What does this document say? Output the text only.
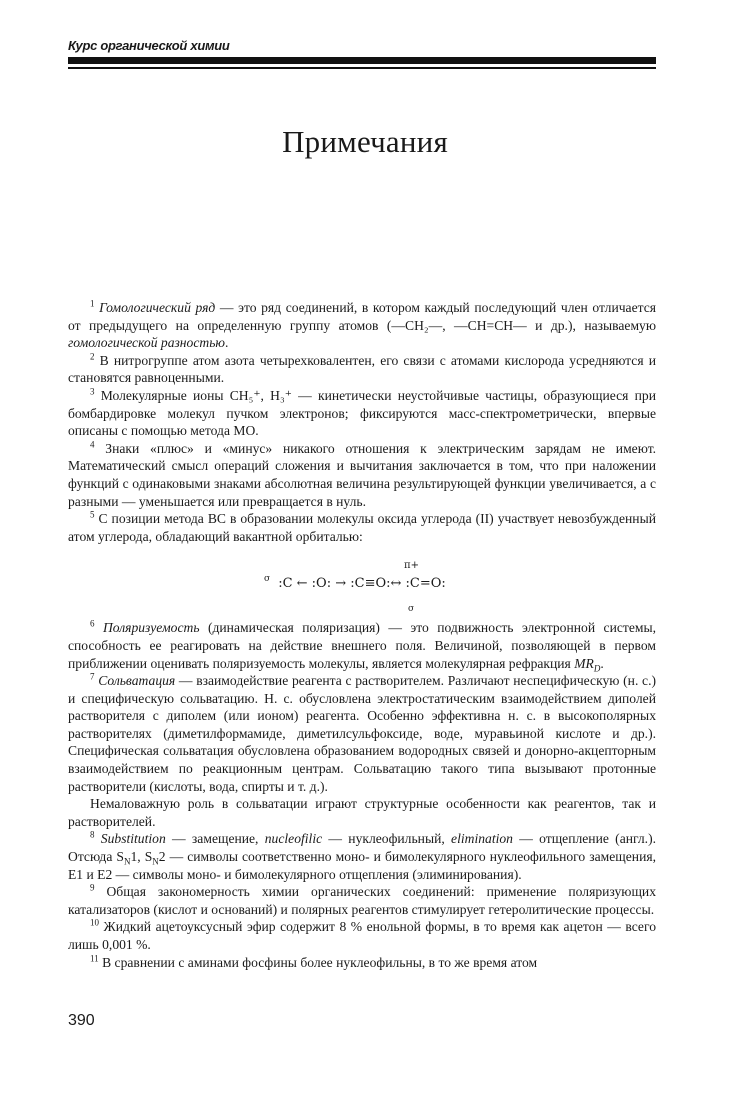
Курс органической химии
Примечания

$^1$ Гомологический ряд — это ряд соединений, в котором каждый последующий член отличается от предыдущего на определенную группу атомов (—CH₂—, —CH=CH— и др.), называемую гомологической разностью.

$^2$ В нитрогруппе атом азота четырехковалентен, его связи с атомами кислорода усредняются и становятся равноценными.

$^3$ Молекулярные ионы CH₅⁺, H₃⁺ — кинетически неустойчивые частицы, образующиеся при бомбардировке молекул пучком электронов; фиксируются масс-спектрометрически, впервые описаны с помощью метода МО.

$^4$ Знаки «плюс» и «минус» никакого отношения к электрическим зарядам не имеют. Математический смысл операций сложения и вычитания заключается в том, что при наложении функций с одинаковыми знаками абсолютная величина результирующей функции увеличивается, а с разными — уменьшается или превращается в нуль.

$^5$ С позиции метода ВС в образовании молекулы оксида углерода (II) участвует невозбужденный атом углерода, обладающий вакантной орбиталью:

π+
σ :C ← :O: → :C≡O:↔ :C=O:
σ

$^6$ Поляризуемость (динамическая поляризация) — это подвижность электронной системы, способность ее реагировать на действие внешнего поля. Величиной, позволяющей в первом приближении оценивать поляризуемость молекулы, является молекулярная рефракция $MR_D$.

$^7$ Сольватация — взаимодействие реагента с растворителем. Различают неспецифическую (н. с.) и специфическую сольватацию. Н. с. обусловлена электростатическим взаимодействием диполей растворителя с диполем (или ионом) реагента. Особенно эффективна н. с. в высокополярных растворителях (диметилформамиде, диметилсульфоксиде, воде, муравьиной кислоте и др.). Специфическая сольватация обусловлена образованием водородных связей и донорно-акцепторным взаимодействием по реакционным центрам. Сольватацию такого типа вызывают протонные растворители (кислоты, вода, спирты и т. д.).

Немаловажную роль в сольватации играют структурные особенности как реагентов, так и растворителей.

$^8$ Substitution — замещение, nucleofilic — нуклеофильный, elimination — отщепление (англ.). Отсюда $S_N1$, $S_N2$ — символы соответственно моно- и бимолекулярного нуклеофильного замещения, E1 и E2 — символы моно- и бимолекулярного отщепления (элиминирования).

$^9$ Общая закономерность химии органических соединений: применение поляризующих катализаторов (кислот и оснований) и полярных реагентов стимулирует гетеролитические процессы.

$^{10}$ Жидкий ацетоуксусный эфир содержит 8 % енольной формы, в то время как ацетон — всего лишь 0,001 %.

$^{11}$ В сравнении с аминами фосфины более нуклеофильны, в то же время атом

390
